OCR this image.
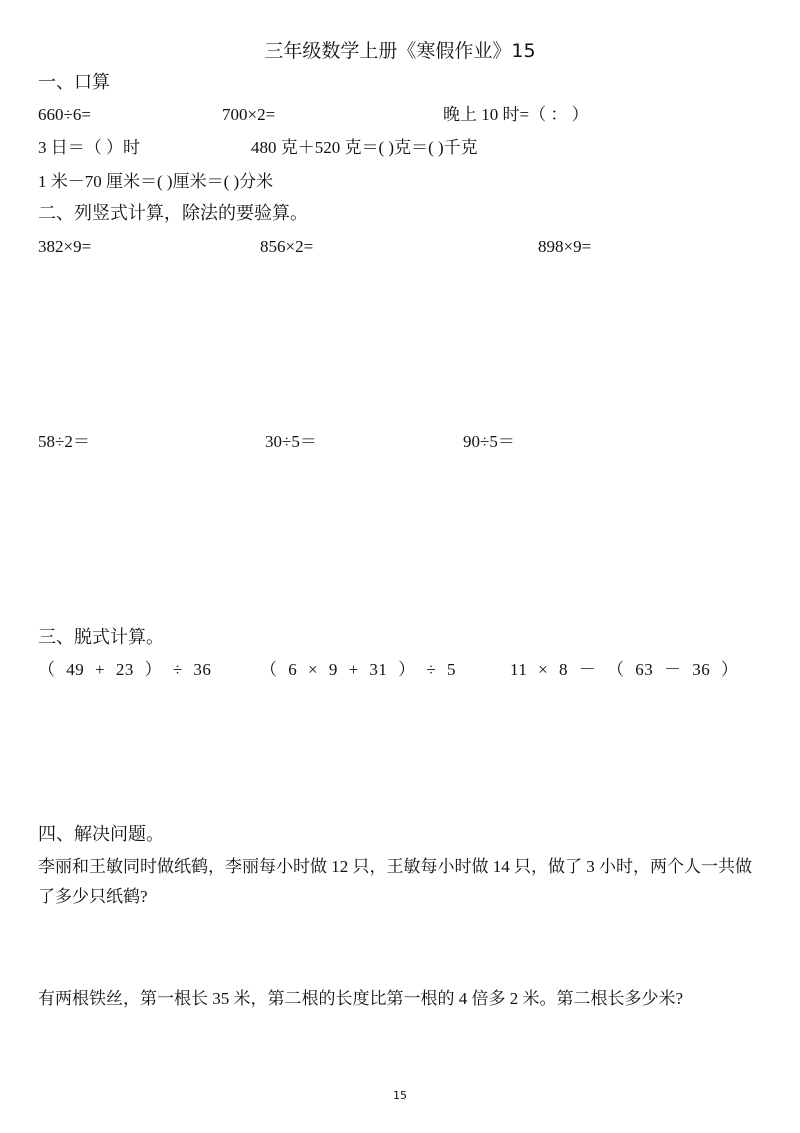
三年级数学上册《寒假作业》15
一、口算
660÷6=	700×2=	晚上 10 时=（ ： ）
3 日＝（ ）时	480 克＋520 克＝( )克＝( )千克
1 米－70 厘米＝( )厘米＝( )分米
二、列竖式计算，除法的要验算。
382×9=	856×2=	898×9=
58÷2＝	30÷5＝	90÷5＝
三、脱式计算。
（ 49 + 23 ） ÷ 36	（ 6 × 9 + 31 ） ÷ 5	11 × 8 － （ 63 － 36 ）
四、解决问题。
李丽和王敏同时做纸鹤，李丽每小时做 12 只，王敏每小时做 14 只，做了 3 小时，两个人一共做了多少只纸鹤?
有两根铁丝，第一根长 35 米，第二根的长度比第一根的 4 倍多 2 米。第二根长多少米?
15
